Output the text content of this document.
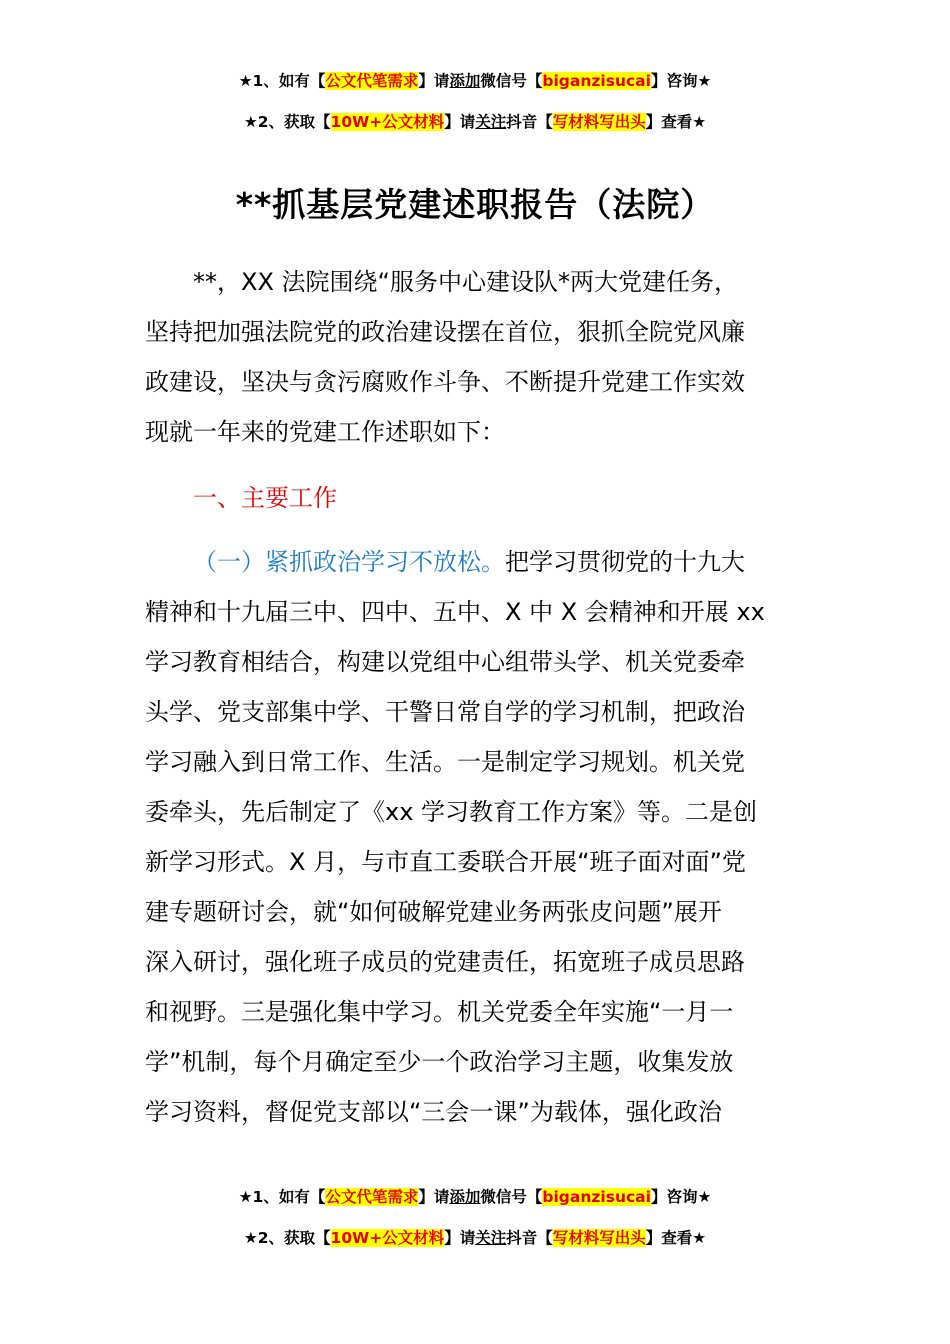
★1、如有【公文代笔需求】请添加微信号【biganzisucai】咨询★
★2、获取【10W+公文材料】请关注抖音【写材料写出头】查看★
**抓基层党建述职报告（法院）
**，XX 法院围绕“服务中心建设队*两大党建任务，
坚持把加强法院党的政治建设摆在首位，狠抓全院党风廉
政建设，坚决与贪污腐败作斗争、不断提升党建工作实效
现就一年来的党建工作述职如下：
一、主要工作
（一）紧抓政治学习不放松。把学习贯彻党的十九大
精神和十九届三中、四中、五中、X 中 X 会精神和开展 xx
学习教育相结合，构建以党组中心组带头学、机关党委牵
头学、党支部集中学、干警日常自学的学习机制，把政治
学习融入到日常工作、生活。一是制定学习规划。机关党
委牵头，先后制定了《xx 学习教育工作方案》等。二是创
新学习形式。X 月，与市直工委联合开展“班子面对面”党
建专题研讨会，就“如何破解党建业务两张皮问题”展开
深入研讨，强化班子成员的党建责任，拓宽班子成员思路
和视野。三是强化集中学习。机关党委全年实施“一月一
学”机制，每个月确定至少一个政治学习主题，收集发放
学习资料，督促党支部以“三会一课”为载体，强化政治
★1、如有【公文代笔需求】请添加微信号【biganzisucai】咨询★
★2、获取【10W+公文材料】请关注抖音【写材料写出头】查看★
